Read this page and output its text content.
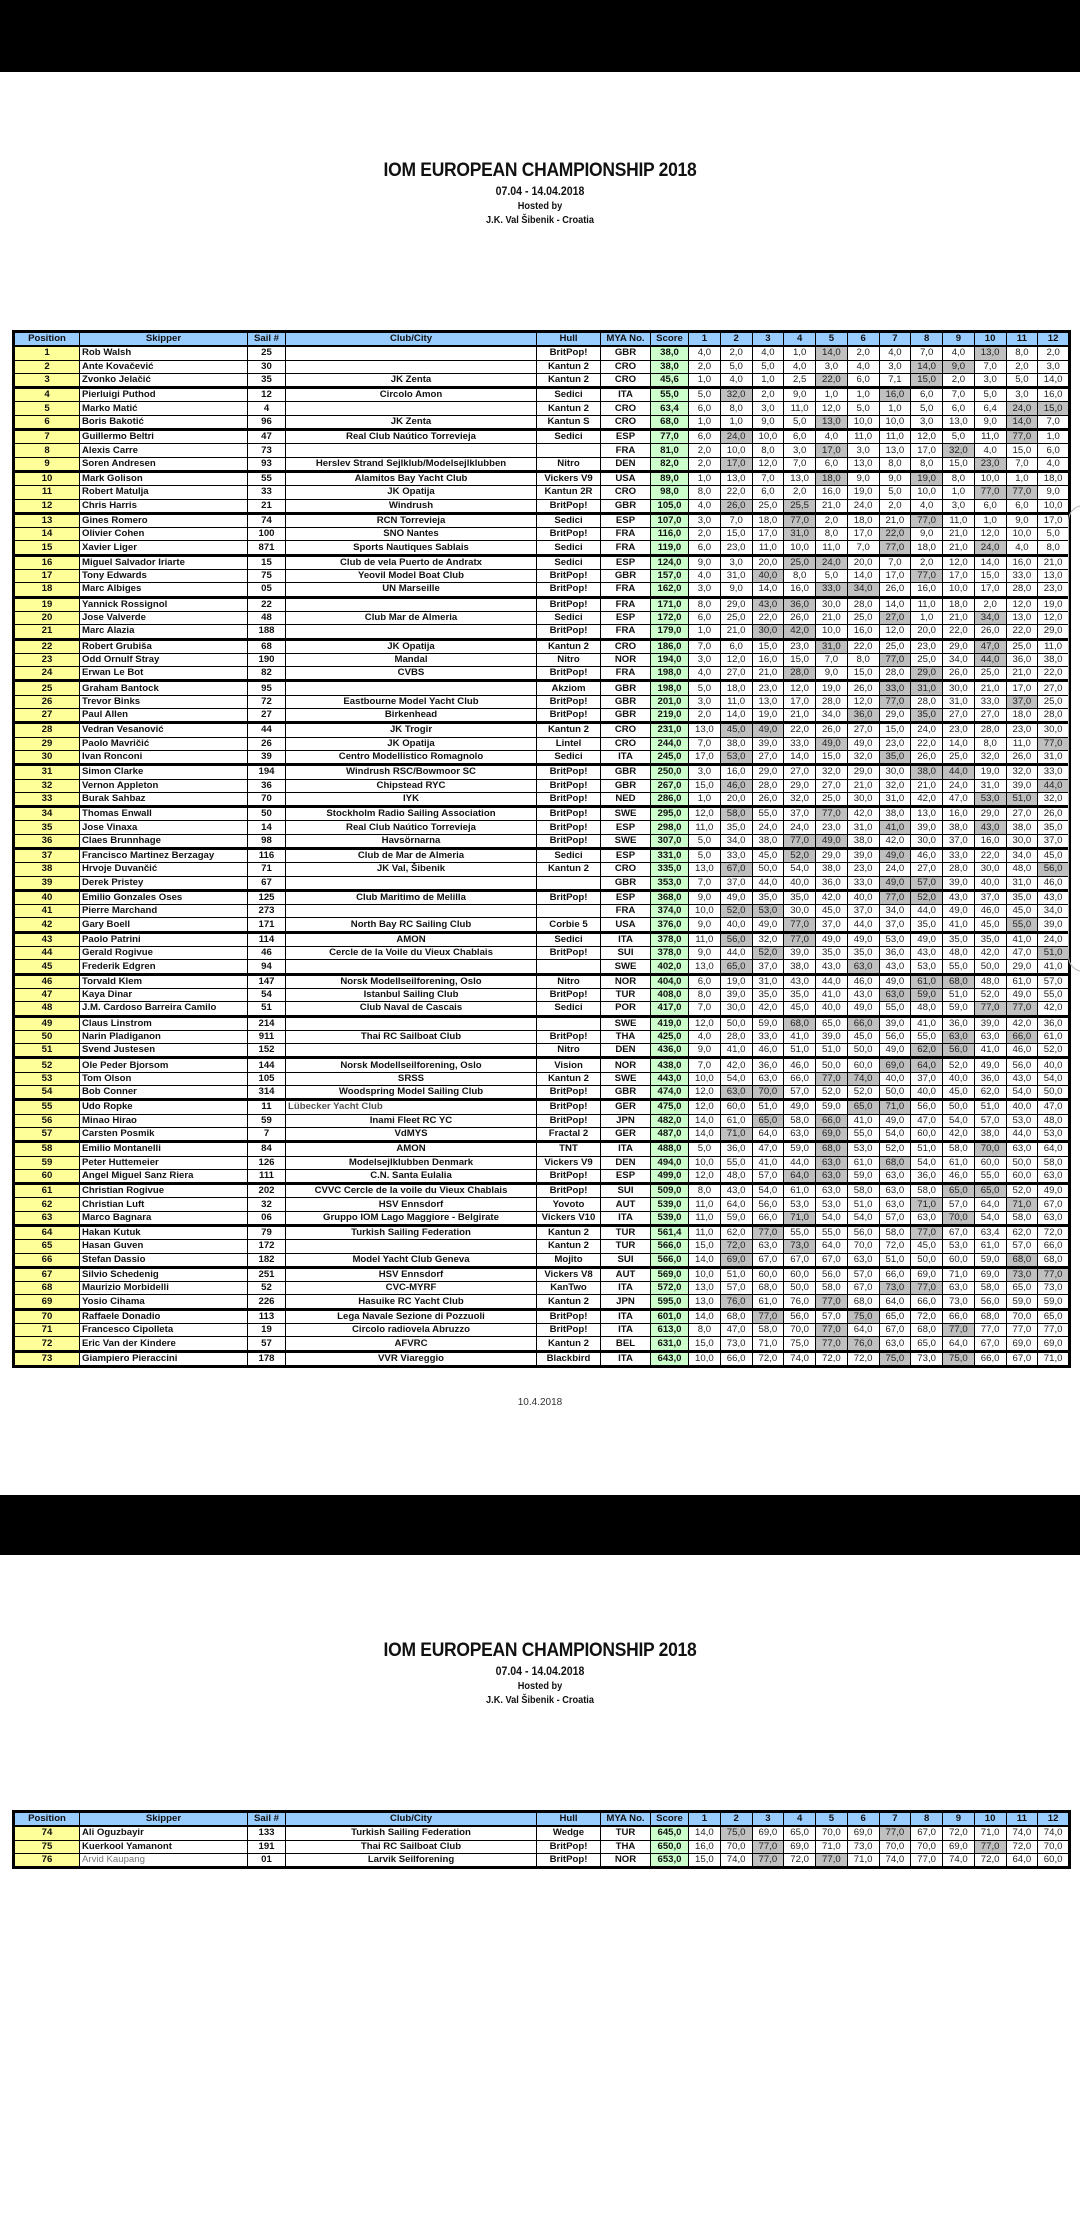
IOM EUROPEAN CHAMPIONSHIP 2018
07.04 - 14.04.2018
Hosted by
J.K. Val Šibenik - Croatia
Position	Skipper	Sail #	Club/City	Hull	MYA No.	Score	1	2	3	4	5	6	7	8	9	10	11	12
1	Rob Walsh	25		BritPop!	GBR	38,0	4,0	2,0	4,0	1,0	14,0	2,0	4,0	7,0	4,0	13,0	8,0	2,0
2	Ante Kovačević	30		Kantun 2	CRO	38,0	2,0	5,0	5,0	4,0	3,0	4,0	3,0	14,0	9,0	7,0	2,0	3,0
3	Zvonko Jelačić	35	JK Zenta	Kantun 2	CRO	45,6	1,0	4,0	1,0	2,5	22,0	6,0	7,1	15,0	2,0	3,0	5,0	14,0
4	Pierluigi Puthod	12	Circolo Amon	Sedici	ITA	55,0	5,0	32,0	2,0	9,0	1,0	1,0	16,0	6,0	7,0	5,0	3,0	16,0
5	Marko Matić	4		Kantun 2	CRO	63,4	6,0	8,0	3,0	11,0	12,0	5,0	1,0	5,0	6,0	6,4	24,0	15,0
6	Boris Bakotić	96	JK Zenta	Kantun S	CRO	68,0	1,0	1,0	9,0	5,0	13,0	10,0	10,0	3,0	13,0	9,0	14,0	7,0
7	Guillermo Beltri	47	Real Club Naútico Torrevieja	Sedici	ESP	77,0	6,0	24,0	10,0	6,0	4,0	11,0	11,0	12,0	5,0	11,0	77,0	1,0
8	Alexis Carre	73			FRA	81,0	2,0	10,0	8,0	3,0	17,0	3,0	13,0	17,0	32,0	4,0	15,0	6,0
9	Soren Andresen	93	Herslev Strand Sejlklub/Modelsejlklubben	Nitro	DEN	82,0	2,0	17,0	12,0	7,0	6,0	13,0	8,0	8,0	15,0	23,0	7,0	4,0
10	Mark Golison	55	Alamitos Bay Yacht Club	Vickers V9	USA	89,0	1,0	13,0	7,0	13,0	18,0	9,0	9,0	19,0	8,0	10,0	1,0	18,0
11	Robert Matulja	33	JK Opatija	Kantun 2R	CRO	98,0	8,0	22,0	6,0	2,0	16,0	19,0	5,0	10,0	1,0	77,0	77,0	9,0
12	Chris Harris	21	Windrush	BritPop!	GBR	105,0	4,0	26,0	25,0	25,5	21,0	24,0	2,0	4,0	3,0	6,0	6,0	10,0
13	Gines Romero	74	RCN Torrevieja	Sedici	ESP	107,0	3,0	7,0	18,0	77,0	2,0	18,0	21,0	77,0	11,0	1,0	9,0	17,0
14	Olivier Cohen	100	SNO Nantes	BritPop!	FRA	116,0	2,0	15,0	17,0	31,0	8,0	17,0	22,0	9,0	21,0	12,0	10,0	5,0
15	Xavier Liger	871	Sports Nautiques Sablais	Sedici	FRA	119,0	6,0	23,0	11,0	10,0	11,0	7,0	77,0	18,0	21,0	24,0	4,0	8,0
16	Miguel Salvador Iriarte	15	Club de vela Puerto de Andratx	Sedici	ESP	124,0	9,0	3,0	20,0	25,0	24,0	20,0	7,0	2,0	12,0	14,0	16,0	21,0
17	Tony Edwards	75	Yeovil Model Boat Club	BritPop!	GBR	157,0	4,0	31,0	40,0	8,0	5,0	14,0	17,0	77,0	17,0	15,0	33,0	13,0
18	Marc Albiges	05	UN Marseille	BritPop!	FRA	162,0	3,0	9,0	14,0	16,0	33,0	34,0	26,0	16,0	10,0	17,0	28,0	23,0
19	Yannick Rossignol	22		BritPop!	FRA	171,0	8,0	29,0	43,0	36,0	30,0	28,0	14,0	11,0	18,0	2,0	12,0	19,0
20	Jose Valverde	48	Club Mar de Almeria	Sedici	ESP	172,0	6,0	25,0	22,0	26,0	21,0	25,0	27,0	1,0	21,0	34,0	13,0	12,0
21	Marc Alazia	188		BritPop!	FRA	179,0	1,0	21,0	30,0	42,0	10,0	16,0	12,0	20,0	22,0	26,0	22,0	29,0
22	Robert Grubiša	68	JK Opatija	Kantun 2	CRO	186,0	7,0	6,0	15,0	23,0	31,0	22,0	25,0	23,0	29,0	47,0	25,0	11,0
23	Odd Ornulf Stray	190	Mandal	Nitro	NOR	194,0	3,0	12,0	16,0	15,0	7,0	8,0	77,0	25,0	34,0	44,0	36,0	38,0
24	Erwan Le Bot	82	CVBS	BritPop!	FRA	198,0	4,0	27,0	21,0	28,0	9,0	15,0	28,0	29,0	26,0	25,0	21,0	22,0
25	Graham Bantock	95		Akziom	GBR	198,0	5,0	18,0	23,0	12,0	19,0	26,0	33,0	31,0	30,0	21,0	17,0	27,0
26	Trevor Binks	72	Eastbourne Model Yacht Club	BritPop!	GBR	201,0	3,0	11,0	13,0	17,0	28,0	12,0	77,0	28,0	31,0	33,0	37,0	25,0
27	Paul Allen	27	Birkenhead	BritPop!	GBR	219,0	2,0	14,0	19,0	21,0	34,0	36,0	29,0	35,0	27,0	27,0	18,0	28,0
28	Vedran Vesanović	44	JK Trogir	Kantun 2	CRO	231,0	13,0	45,0	49,0	22,0	26,0	27,0	15,0	24,0	23,0	28,0	23,0	30,0
29	Paolo Mavričić	26	JK Opatija	Lintel	CRO	244,0	7,0	38,0	39,0	33,0	49,0	49,0	23,0	22,0	14,0	8,0	11,0	77,0
30	Ivan Ronconi	39	Centro Modellistico Romagnolo	Sedici	ITA	245,0	17,0	53,0	27,0	14,0	15,0	32,0	35,0	26,0	25,0	32,0	26,0	31,0
31	Simon Clarke	194	Windrush RSC/Bowmoor SC	BritPop!	GBR	250,0	3,0	16,0	29,0	27,0	32,0	29,0	30,0	38,0	44,0	19,0	32,0	33,0
32	Vernon Appleton	36	Chipstead RYC	BritPop!	GBR	267,0	15,0	46,0	28,0	29,0	27,0	21,0	32,0	21,0	24,0	31,0	39,0	44,0
33	Burak Sahbaz	70	IYK	BritPop!	NED	286,0	1,0	20,0	26,0	32,0	25,0	30,0	31,0	42,0	47,0	53,0	51,0	32,0
34	Thomas Enwall	50	Stockholm Radio Sailing Association	BritPop!	SWE	295,0	12,0	58,0	55,0	37,0	77,0	42,0	38,0	13,0	16,0	29,0	27,0	26,0
35	Jose Vinaxa	14	Real Club Naútico Torrevieja	BritPop!	ESP	298,0	11,0	35,0	24,0	24,0	23,0	31,0	41,0	39,0	38,0	43,0	38,0	35,0
36	Claes Brunnhage	98	Havsörnarna	BritPop!	SWE	307,0	5,0	34,0	38,0	77,0	49,0	38,0	42,0	30,0	37,0	16,0	30,0	37,0
37	Francisco Martinez Berzagay	116	Club de Mar de Almeria	Sedici	ESP	331,0	5,0	33,0	45,0	52,0	29,0	39,0	49,0	46,0	33,0	22,0	34,0	45,0
38	Hrvoje Duvančić	71	JK Val, Šibenik	Kantun 2	CRO	335,0	13,0	67,0	50,0	54,0	38,0	23,0	24,0	27,0	28,0	30,0	48,0	56,0
39	Derek Pristey	67			GBR	353,0	7,0	37,0	44,0	40,0	36,0	33,0	49,0	57,0	39,0	40,0	31,0	46,0
40	Emilio Gonzales Oses	125	Club Maritimo de Melilla	BritPop!	ESP	368,0	9,0	49,0	35,0	35,0	42,0	40,0	77,0	52,0	43,0	37,0	35,0	43,0
41	Pierre Marchand	273			FRA	374,0	10,0	52,0	53,0	30,0	45,0	37,0	34,0	44,0	49,0	46,0	45,0	34,0
42	Gary Boell	171	North Bay RC Sailing Club	Corbie 5	USA	376,0	9,0	40,0	49,0	77,0	37,0	44,0	37,0	35,0	41,0	45,0	55,0	39,0
43	Paolo Patrini	114	AMON	Sedici	ITA	378,0	11,0	56,0	32,0	77,0	49,0	49,0	53,0	49,0	35,0	35,0	41,0	24,0
44	Gerald Rogivue	46	Cercle de la Voile du Vieux Chablais	BritPop!	SUI	378,0	9,0	44,0	52,0	39,0	35,0	35,0	36,0	43,0	48,0	42,0	47,0	51,0
45	Frederik Edgren	94			SWE	402,0	13,0	65,0	37,0	38,0	43,0	63,0	43,0	53,0	55,0	50,0	29,0	41,0
46	Torvald Klem	147	Norsk Modellseilforening, Oslo	Nitro	NOR	404,0	6,0	19,0	31,0	43,0	44,0	46,0	49,0	61,0	68,0	48,0	61,0	57,0
47	Kaya Dinar	54	Istanbul Sailing Club	BritPop!	TUR	408,0	8,0	39,0	35,0	35,0	41,0	43,0	63,0	59,0	51,0	52,0	49,0	55,0
48	J.M. Cardoso Barreira Camilo	51	Club Naval de Cascais	Sedici	POR	417,0	7,0	30,0	42,0	45,0	40,0	49,0	55,0	48,0	59,0	77,0	77,0	42,0
49	Claus Linstrom	214			SWE	419,0	12,0	50,0	59,0	68,0	65,0	66,0	39,0	41,0	36,0	39,0	42,0	36,0
50	Narin Pladiganon	911	Thai RC Sailboat Club	BritPop!	THA	425,0	4,0	28,0	33,0	41,0	39,0	45,0	56,0	55,0	63,0	63,0	66,0	61,0
51	Svend Justesen	152		Nitro	DEN	436,0	9,0	41,0	46,0	51,0	51,0	50,0	49,0	62,0	56,0	41,0	46,0	52,0
52	Ole Peder Bjorsom	144	Norsk Modellseilforening, Oslo	Vision	NOR	438,0	7,0	42,0	36,0	46,0	50,0	60,0	69,0	64,0	52,0	49,0	56,0	40,0
53	Tom Olson	105	SRSS	Kantun 2	SWE	443,0	10,0	54,0	63,0	66,0	77,0	74,0	40,0	37,0	40,0	36,0	43,0	54,0
54	Bob Conner	314	Woodspring Model Sailing Club	BritPop!	GBR	474,0	12,0	63,0	70,0	57,0	52,0	52,0	50,0	40,0	45,0	62,0	54,0	50,0
55	Udo Ropke	11	Lübecker Yacht Club	BritPop!	GER	475,0	12,0	60,0	51,0	49,0	59,0	65,0	71,0	56,0	50,0	51,0	40,0	47,0
56	Minao Hirao	59	Inami Fleet RC YC	BritPop!	JPN	482,0	14,0	61,0	65,0	58,0	66,0	41,0	49,0	47,0	54,0	57,0	53,0	48,0
57	Carsten Posmik	7	VdMYS	Fractal 2	GER	487,0	14,0	71,0	64,0	63,0	69,0	55,0	54,0	60,0	42,0	38,0	44,0	53,0
58	Emilio Montanelli	84	AMON	TNT	ITA	488,0	5,0	36,0	47,0	59,0	68,0	53,0	52,0	51,0	58,0	70,0	63,0	64,0
59	Peter Huttemeier	126	Modelsejlklubben Denmark	Vickers V9	DEN	494,0	10,0	55,0	41,0	44,0	63,0	61,0	68,0	54,0	61,0	60,0	50,0	58,0
60	Angel Miguel Sanz Riera	111	C.N. Santa Eulalia	BritPop!	ESP	499,0	12,0	48,0	57,0	64,0	63,0	59,0	63,0	36,0	46,0	55,0	60,0	63,0
61	Christian Rogivue	202	CVVC Cercle de la voile du Vieux Chablais	BritPop!	SUI	509,0	8,0	43,0	54,0	61,0	63,0	58,0	63,0	58,0	65,0	65,0	52,0	49,0
62	Christian Luft	32	HSV Ennsdorf	Yovoto	AUT	539,0	11,0	64,0	56,0	53,0	53,0	51,0	63,0	71,0	57,0	64,0	71,0	67,0
63	Marco Bagnara	06	Gruppo IOM Lago Maggiore - Belgirate	Vickers V10	ITA	539,0	11,0	59,0	66,0	71,0	54,0	54,0	57,0	63,0	70,0	54,0	58,0	63,0
64	Hakan Kutuk	79	Turkish Sailing Federation	Kantun 2	TUR	561,4	11,0	62,0	77,0	55,0	55,0	56,0	58,0	77,0	67,0	63,4	62,0	72,0
65	Hasan Guven	172		Kantun 2	TUR	566,0	15,0	72,0	63,0	73,0	64,0	70,0	72,0	45,0	53,0	61,0	57,0	66,0
66	Stefan Dassio	182	Model Yacht Club Geneva	Mojito	SUI	566,0	14,0	69,0	67,0	67,0	67,0	63,0	51,0	50,0	60,0	59,0	68,0	68,0
67	Silvio Schedenig	251	HSV Ennsdorf	Vickers V8	AUT	569,0	10,0	51,0	60,0	60,0	56,0	57,0	66,0	69,0	71,0	69,0	73,0	77,0
68	Maurizio Morbidelli	52	CVC-MYRF	KanTwo	ITA	572,0	13,0	57,0	68,0	50,0	58,0	67,0	73,0	77,0	63,0	58,0	65,0	73,0
69	Yosio Cihama	226	Hasuike RC Yacht Club	Kantun 2	JPN	595,0	13,0	76,0	61,0	76,0	77,0	68,0	64,0	66,0	73,0	56,0	59,0	59,0
70	Raffaele Donadio	113	Lega Navale Sezione di Pozzuoli	BritPop!	ITA	601,0	14,0	68,0	77,0	56,0	57,0	75,0	65,0	72,0	66,0	68,0	70,0	65,0
71	Francesco Cipolleta	19	Circolo radiovela Abruzzo	BritPop!	ITA	613,0	8,0	47,0	58,0	70,0	77,0	64,0	67,0	68,0	77,0	77,0	77,0	77,0
72	Eric Van der Kindere	57	AFVRC	Kantun 2	BEL	631,0	15,0	73,0	71,0	75,0	77,0	76,0	63,0	65,0	64,0	67,0	69,0	69,0
73	Giampiero Pieraccini	178	VVR Viareggio	Blackbird	ITA	643,0	10,0	66,0	72,0	74,0	72,0	72,0	75,0	73,0	75,0	66,0	67,0	71,0
10.4.2018
IOM EUROPEAN CHAMPIONSHIP 2018
07.04 - 14.04.2018
Hosted by
J.K. Val Šibenik - Croatia
Position	Skipper	Sail #	Club/City	Hull	MYA No.	Score	1	2	3	4	5	6	7	8	9	10	11	12
74	Ali Oguzbayir	133	Turkish Sailing Federation	Wedge	TUR	645,0	14,0	75,0	69,0	65,0	70,0	69,0	77,0	67,0	72,0	71,0	74,0	74,0
75	Kuerkool Yamanont	191	Thai RC Sailboat Club	BritPop!	THA	650,0	16,0	70,0	77,0	69,0	71,0	73,0	70,0	70,0	69,0	77,0	72,0	70,0
76	Arvid Kaupang	01	Larvik Seilforening	BritPop!	NOR	653,0	15,0	74,0	77,0	72,0	77,0	71,0	74,0	77,0	74,0	72,0	64,0	60,0
